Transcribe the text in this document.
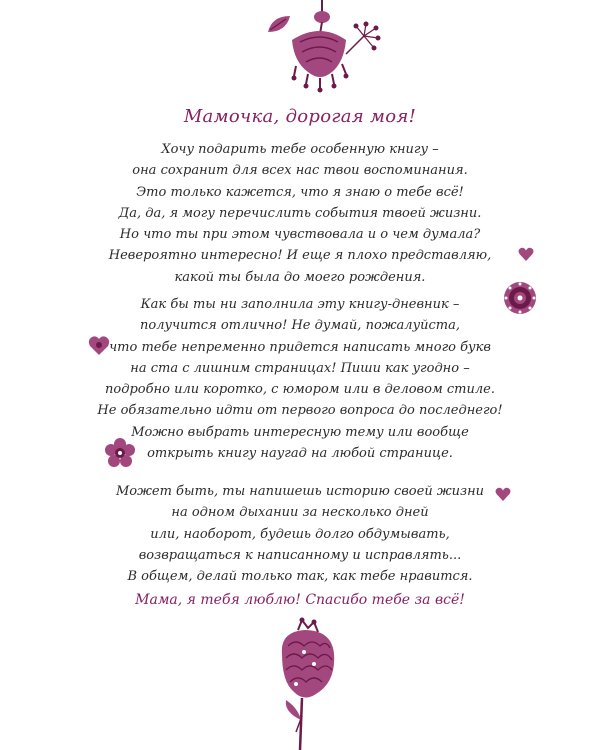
Мамочка, дорогая моя!
Хочу подарить тебе особенную книгу –
она сохранит для всех нас твои воспоминания.
Это только кажется, что я знаю о тебе всё!
Да, да, я могу перечислить события твоей жизни.
Но что ты при этом чувствовала и о чем думала?
Невероятно интересно! И еще я плохо представляю,
какой ты была до моего рождения.
Как бы ты ни заполнила эту книгу-дневник –
получится отлично! Не думай, пожалуйста,
что тебе непременно придется написать много букв
на ста с лишним страницах! Пиши как угодно –
подробно или коротко, с юмором или в деловом стиле.
Не обязательно идти от первого вопроса до последнего!
Можно выбрать интересную тему или вообще
открыть книгу наугад на любой странице.
Может быть, ты напишешь историю своей жизни
на одном дыхании за несколько дней
или, наоборот, будешь долго обдумывать,
возвращаться к написанному и исправлять...
В общем, делай только так, как тебе нравится.
Мама, я тебя люблю! Спасибо тебе за всё!
